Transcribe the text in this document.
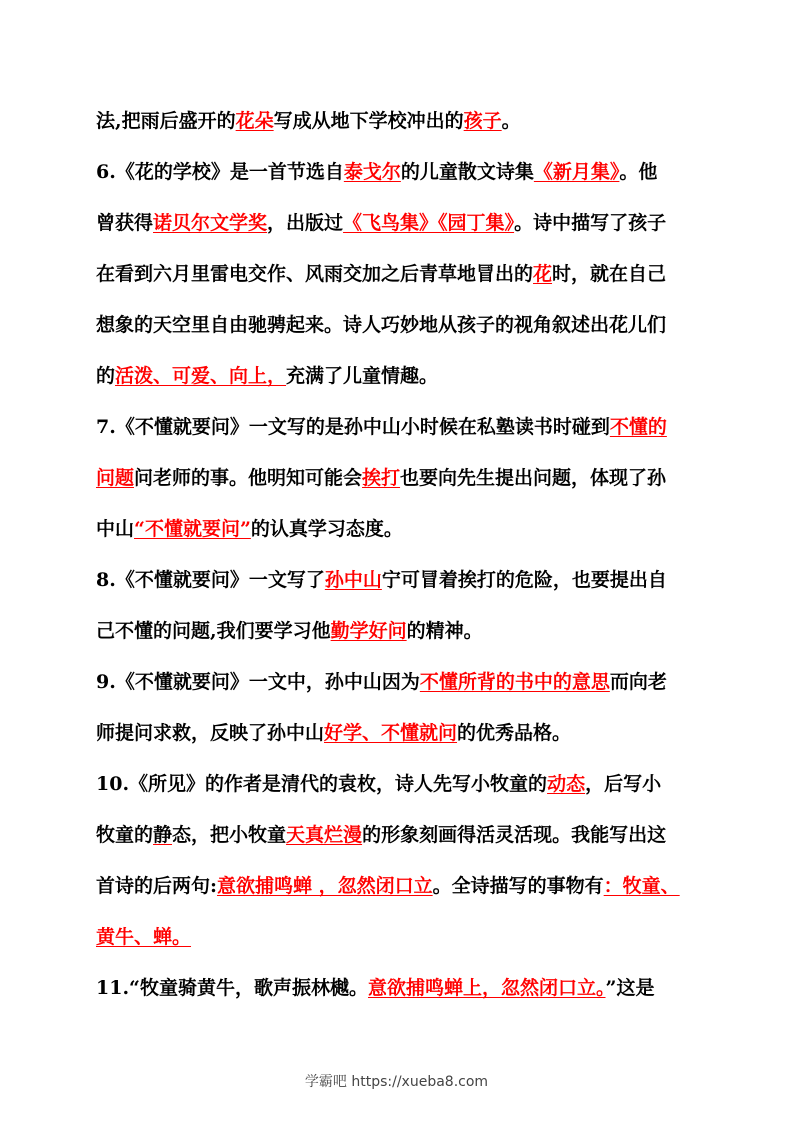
法,把雨后盛开的花朵写成从地下学校冲出的孩子。
6.《花的学校》是一首节选自泰戈尔的儿童散文诗集《新月集》。他
曾获得诺贝尔文学奖，出版过《飞鸟集》《园丁集》。诗中描写了孩子
在看到六月里雷电交作、风雨交加之后青草地冒出的花时，就在自己
想象的天空里自由驰骋起来。诗人巧妙地从孩子的视角叙述出花儿们
的活泼、可爱、向上，充满了儿童情趣。
7.《不懂就要问》一文写的是孙中山小时候在私塾读书时碰到不懂的
问题问老师的事。他明知可能会挨打也要向先生提出问题，体现了孙
中山“不懂就要问”的认真学习态度。
8.《不懂就要问》一文写了孙中山宁可冒着挨打的危险，也要提出自
己不懂的问题,我们要学习他勤学好问的精神。
9.《不懂就要问》一文中，孙中山因为不懂所背的书中的意思而向老
师提问求救，反映了孙中山好学、不懂就问的优秀品格。
10.《所见》的作者是清代的袁枚，诗人先写小牧童的动态，后写小
牧童的静态，把小牧童天真烂漫的形象刻画得活灵活现。我能写出这
首诗的后两句:意欲捕鸣蝉 ，忽然闭口立。全诗描写的事物有：牧童、
黄牛、蝉。
11.“牧童骑黄牛，歌声振林樾。意欲捕鸣蝉上，忽然闭口立。”这是
学霸吧 https://xueba8.com
